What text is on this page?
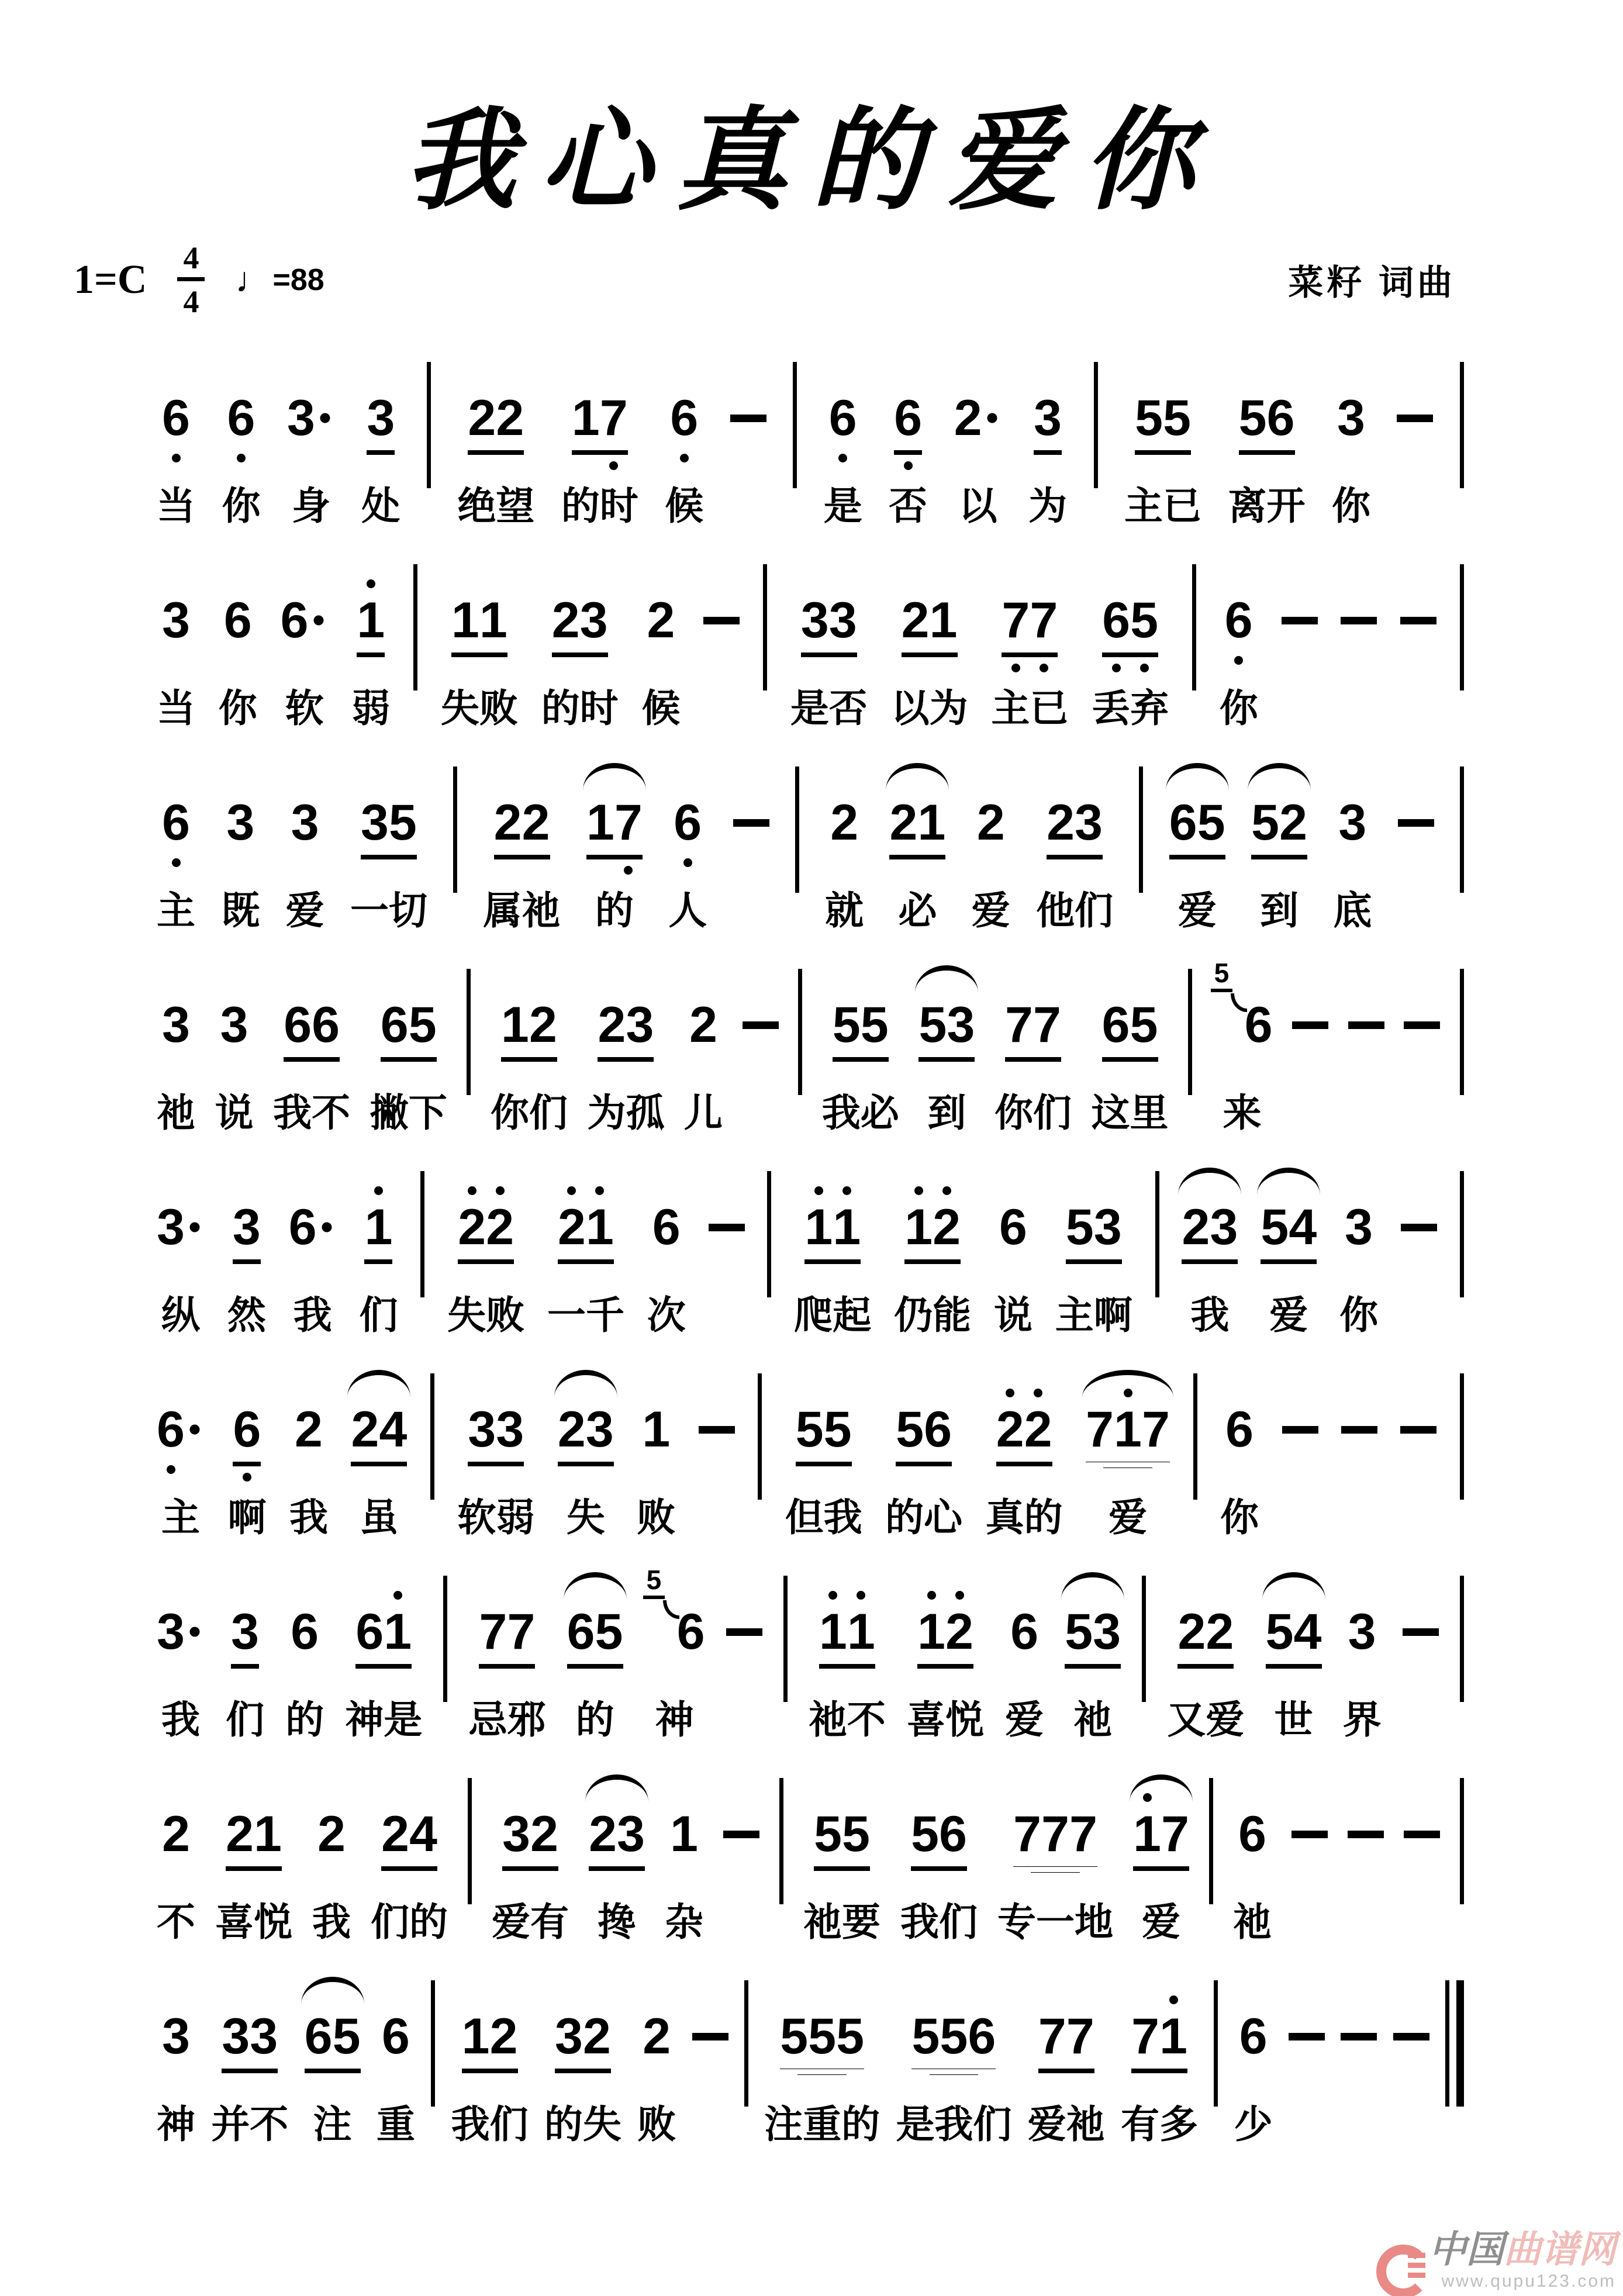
我心真的爱你
$1=C \frac{4}{4}$ ♩ =88	菜籽 词曲
6
当
6
你
3
身
3
处
2 2
绝望
1 7
的时
6
候
6
是
6
否
2
以
3
为
5 5
主已
5 6
离开
3
你
3
当
6
你
6
软
1
弱
1 1
失败
2 3
的时
2
候
3 3
是否
2 1
以为
7 7
主已
6 5
丢弃
6
你
6
主
3
既
3
爱
3 5
一切
2 2
属祂
1 7
的
6
人
2
就
2 1
必
2
爱
2 3
他们
6 5
爱
5 2
到
3
底
3
祂
3
说
6 6
我不
6 5
撇下
1 2
你们
2 3
为孤
2
儿
5 5
我必
5 3
到
7 7
你们
6 5
这里
5
6
来
3
纵
3
然
6
我
1
们
2 2
失败
2 1
一千
6
次
1 1
爬起
1 2
仍能
6
说
5 3
主啊
2 3
我
5 4
爱
3
你
6
主
6
啊
2
我
2 4
虽
3 3
软弱
2 3
失
1
败
5 5
但我
5 6
的心
2 2
真的
7 1 7
爱
6
你
3
我
3
们
6
的
6 1
神是
7 7
忌邪
6 5
的
5
6
神
1 1
祂不
1 2
喜悦
6
爱
5 3
祂
2 2
又爱
5 4
世
3
界
2
不
2 1
喜悦
2
我
2 4
们的
3 2
爱有
2 3
搀
1
杂
5 5
祂要
5 6
我们
7 7 7
专一地
1 7
爱
6
祂
3
神
3 3
并不
6 5
注
6
重
1 2
我们
3 2
的失
2
败
5 5 5
注重的
5 5 6
是我们
7 7
爱祂
7 1
有多
6
少
中国曲谱网
www.qupu123.com
